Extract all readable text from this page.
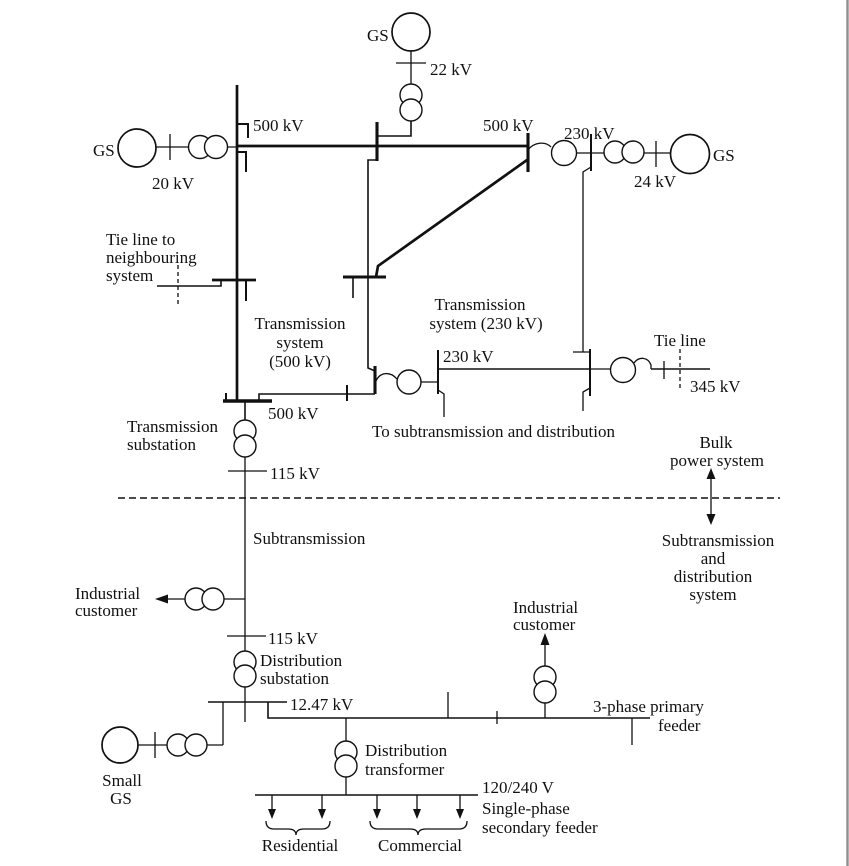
GS
22 kV
GS
20 kV
GS
24 kV
500 kV	500 kV 230 kV
Tie line to
neighbouring
system
Transmission
system
(500 kV)
Transmission
system (230 kV)
230 kV
To subtransmission and distribution
Tie line
345 kV
Bulk
power system
Subtransmission
and
distribution
system
500 kV
Transmission
substation
115 kV
Subtransmission
Industrial
customer
115 kV
Distribution
substation
12.47 kV
Small
GS
Industrial
customer
3-phase primary
feeder
Distribution
transformer
120/240 V
Single-phase
secondary feeder
Residential Commercial
